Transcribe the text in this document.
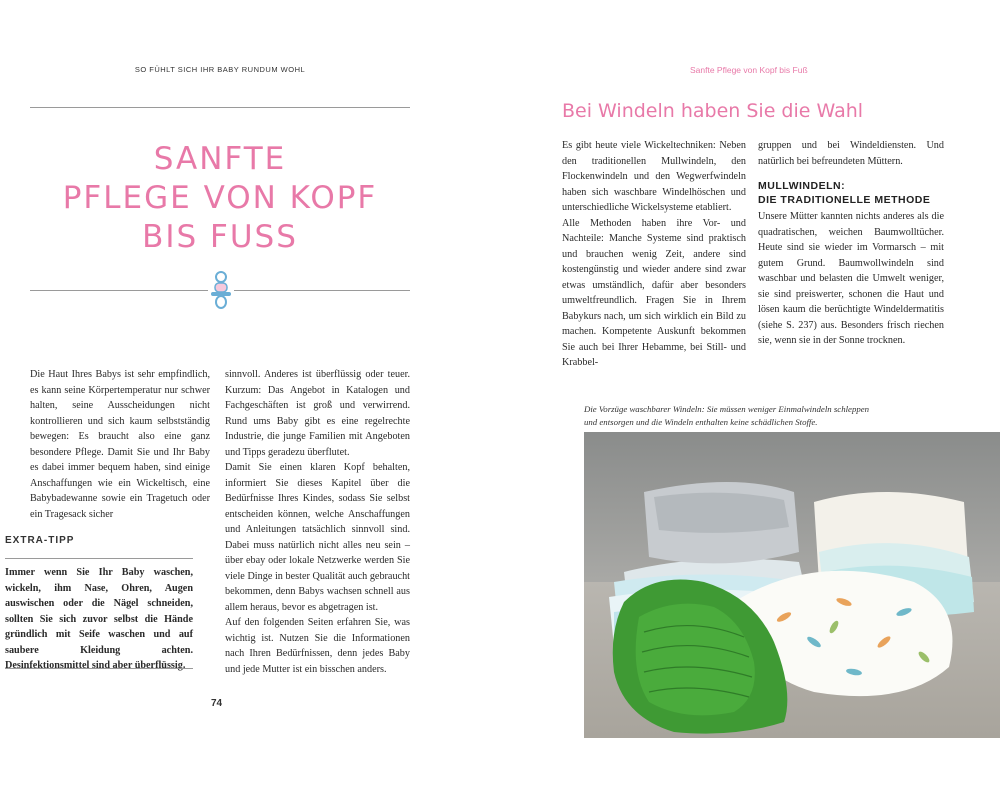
SO FÜHLT SICH IHR BABY RUNDUM WOHL
SANFTE
PFLEGE VON KOPF
BIS FUSS

Die Haut Ihres Babys ist sehr empfindlich, es kann seine Körpertemperatur nur schwer halten, seine Ausscheidungen nicht kontrollieren und sich kaum selbstständig bewegen: Es braucht also eine ganz besondere Pflege. Damit Sie und Ihr Baby es dabei immer bequem haben, sind einige Anschaffungen wie ein Wickeltisch, eine Babybadewanne sowie ein Tragetuch oder ein Tragesack sicher

sinnvoll. Anderes ist überflüssig oder teuer. Kurzum: Das Angebot in Katalogen und Fachgeschäften ist groß und verwirrend. Rund ums Baby gibt es eine regelrechte Industrie, die junge Familien mit Angeboten und Tipps geradezu überflutet.

Damit Sie einen klaren Kopf behalten, informiert Sie dieses Kapitel über die Bedürfnisse Ihres Kindes, sodass Sie selbst entscheiden können, welche Anschaffungen und Anleitungen tatsächlich sinnvoll sind. Dabei muss natürlich nicht alles neu sein – über ebay oder lokale Netzwerke werden Sie viele Dinge in bester Qualität auch gebraucht bekommen, denn Babys wachsen schnell aus allem heraus, bevor es abgetragen ist.

Auf den folgenden Seiten erfahren Sie, was wichtig ist. Nutzen Sie die Informationen nach Ihren Bedürfnissen, denn jedes Baby und jede Mutter ist ein bisschen anders.

EXTRA-TIPP
Immer wenn Sie Ihr Baby waschen, wickeln, ihm Nase, Ohren, Augen auswischen oder die Nägel schneiden, sollten Sie sich zuvor selbst die Hände gründlich mit Seife waschen und auf saubere Kleidung achten. Desinfektionsmittel sind aber überflüssig.
74
Sanfte Pflege von Kopf bis Fuß
Bei Windeln haben Sie die Wahl

Es gibt heute viele Wickeltechniken: Neben den traditionellen Mullwindeln, den Flockenwindeln und den Wegwerfwindeln haben sich waschbare Windelhöschen und unterschiedliche Wickelsysteme etabliert.

Alle Methoden haben ihre Vor- und Nachteile: Manche Systeme sind praktisch und brauchen wenig Zeit, andere sind kostengünstig und wieder andere sind zwar etwas umständlich, dafür aber besonders umweltfreundlich. Fragen Sie in Ihrem Babykurs nach, um sich wirklich ein Bild zu machen. Kompetente Auskunft bekommen Sie auch bei Ihrer Hebamme, bei Still- und Krabbel-

gruppen und bei Windeldiensten. Und natürlich bei befreundeten Müttern.

MULLWINDELN:
DIE TRADITIONELLE METHODE

Unsere Mütter kannten nichts anderes als die quadratischen, weichen Baumwolltücher. Heute sind sie wieder im Vormarsch – mit gutem Grund. Baumwollwindeln sind waschbar und belasten die Umwelt weniger, sie sind preiswerter, schonen die Haut und lösen kaum die berüchtigte Windeldermatitis (siehe S. 237) aus. Besonders frisch riechen sie, wenn sie in der Sonne trocknen.

Die Vorzüge waschbarer Windeln: Sie müssen weniger Einmalwindeln schleppen und entsorgen und die Windeln enthalten keine schädlichen Stoffe.
